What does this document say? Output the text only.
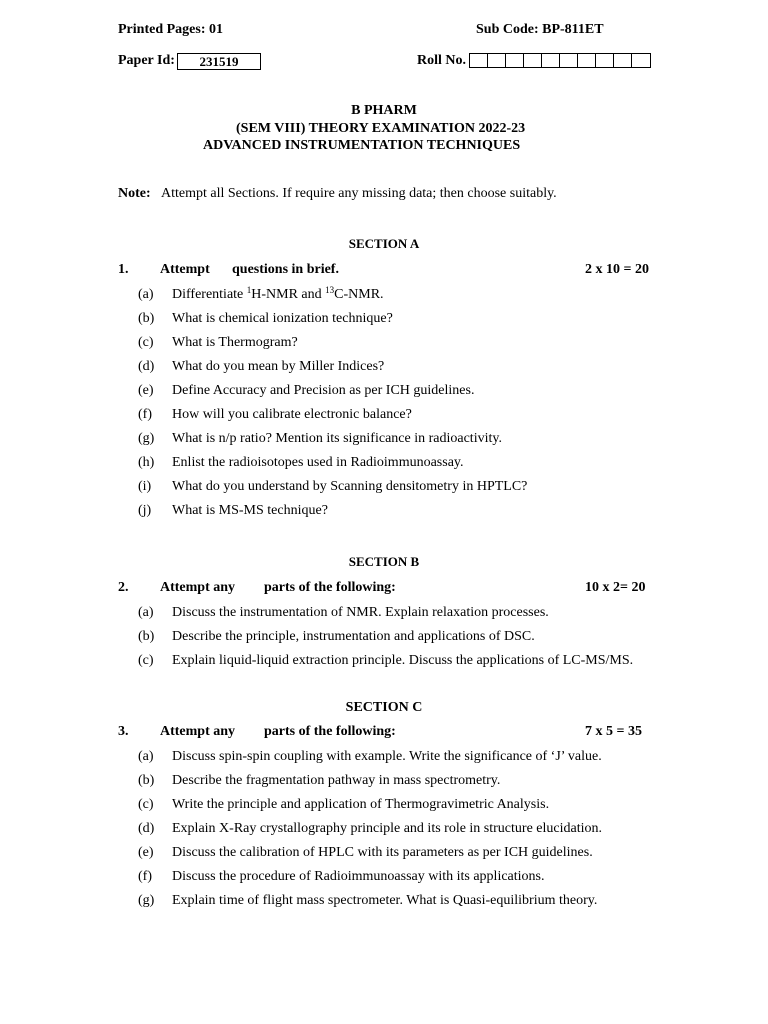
Printed Pages: 01	Sub Code: BP-811ET
Paper Id:	231519	Roll No.
B PHARM
(SEM VIII) THEORY EXAMINATION 2022-23
ADVANCED INSTRUMENTATION TECHNIQUES
Note: Attempt all Sections. If require any missing data; then choose suitably.
SECTION A
1. Attempt questions in brief.	2 x 10 = 20
(a) Differentiate $^1$H-NMR and $^{13}$C-NMR.
(b) What is chemical ionization technique?
(c) What is Thermogram?
(d) What do you mean by Miller Indices?
(e) Define Accuracy and Precision as per ICH guidelines.
(f) How will you calibrate electronic balance?
(g) What is n/p ratio? Mention its significance in radioactivity.
(h) Enlist the radioisotopes used in Radioimmunoassay.
(i) What do you understand by Scanning densitometry in HPTLC?
(j) What is MS-MS technique?
SECTION B
2. Attempt any parts of the following:	10 x 2= 20
(a) Discuss the instrumentation of NMR. Explain relaxation processes.
(b) Describe the principle, instrumentation and applications of DSC.
(c) Explain liquid-liquid extraction principle. Discuss the applications of LC-MS/MS.
SECTION C
3. Attempt any parts of the following:	7 x 5 = 35
(a) Discuss spin-spin coupling with example. Write the significance of ‘J’ value.
(b) Describe the fragmentation pathway in mass spectrometry.
(c) Write the principle and application of Thermogravimetric Analysis.
(d) Explain X-Ray crystallography principle and its role in structure elucidation.
(e) Discuss the calibration of HPLC with its parameters as per ICH guidelines.
(f) Discuss the procedure of Radioimmunoassay with its applications.
(g) Explain time of flight mass spectrometer. What is Quasi-equilibrium theory.
